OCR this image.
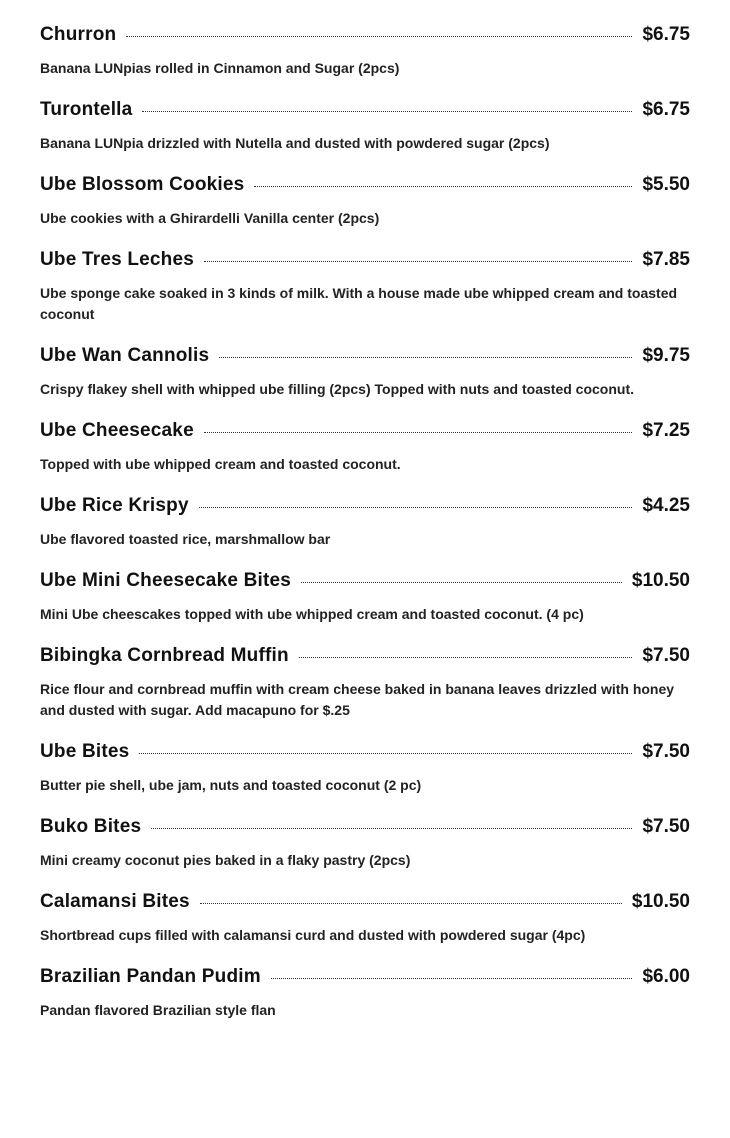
Churron	$6.75
Banana LUNpias rolled in Cinnamon and Sugar (2pcs)
Turontella	$6.75
Banana LUNpia drizzled with Nutella and dusted with powdered sugar (2pcs)
Ube Blossom Cookies	$5.50
Ube cookies with a Ghirardelli Vanilla center (2pcs)
Ube Tres Leches	$7.85
Ube sponge cake soaked in 3 kinds of milk. With a house made ube whipped cream and toasted coconut
Ube Wan Cannolis	$9.75
Crispy flakey shell with whipped ube filling (2pcs) Topped with nuts and toasted coconut.
Ube Cheesecake	$7.25
Topped with ube whipped cream and toasted coconut.
Ube Rice Krispy	$4.25
Ube flavored toasted rice, marshmallow bar
Ube Mini Cheesecake Bites	$10.50
Mini Ube cheescakes topped with ube whipped cream and toasted coconut. (4 pc)
Bibingka Cornbread Muffin	$7.50
Rice flour and cornbread muffin with cream cheese baked in banana leaves drizzled with honey and dusted with sugar. Add macapuno for $.25
Ube Bites	$7.50
Butter pie shell, ube jam, nuts and toasted coconut (2 pc)
Buko Bites	$7.50
Mini creamy coconut pies baked in a flaky pastry (2pcs)
Calamansi Bites	$10.50
Shortbread cups filled with calamansi curd and dusted with powdered sugar (4pc)
Brazilian Pandan Pudim	$6.00
Pandan flavored Brazilian style flan
